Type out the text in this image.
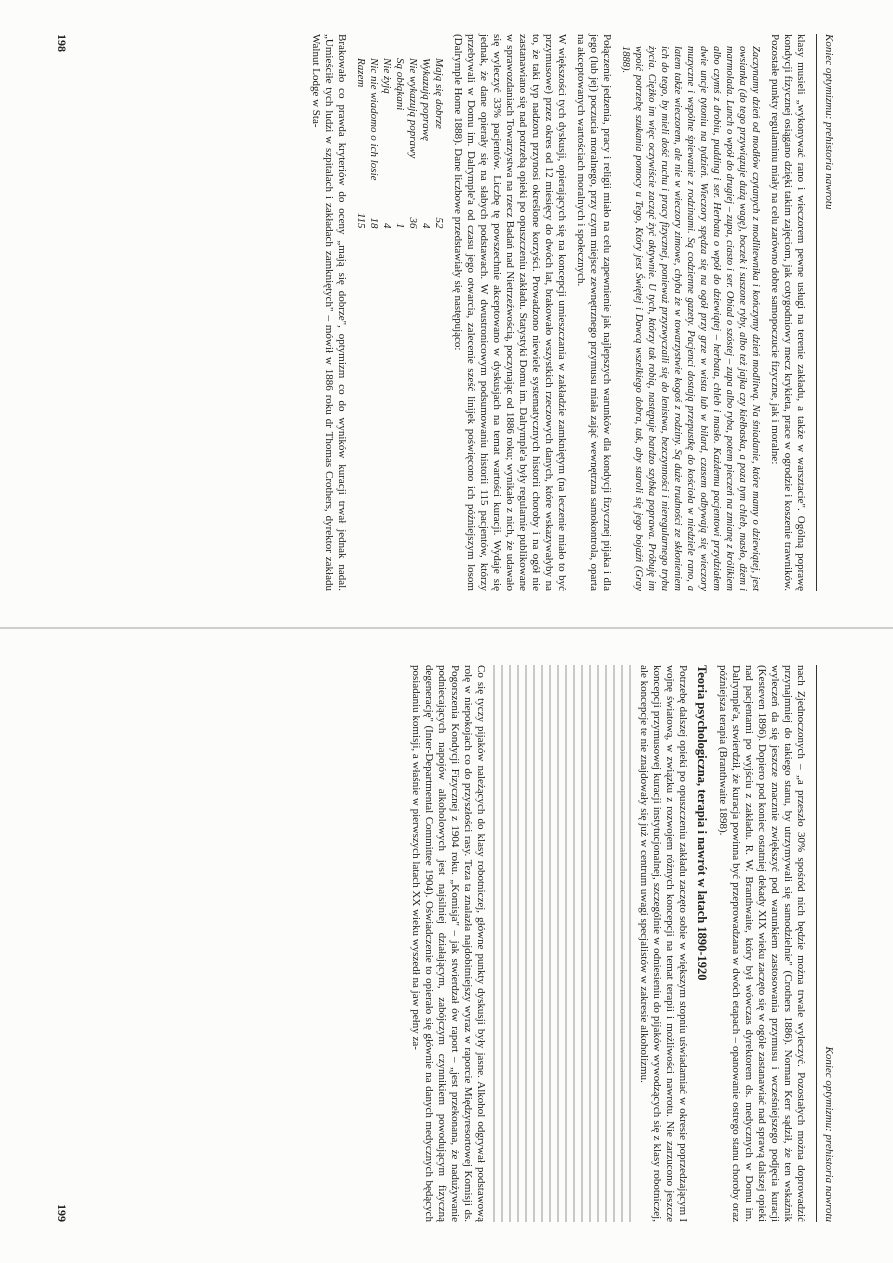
Koniec optymizmu: prehistoria nawrotu

klasy musieli „wykonywać rano i wieczorem pewne usługi na terenie zakładu, a także w warsztacie". Ogólną poprawę kondycji fizycznej osiągano dzięki takim zajęciom, jak cotygodniowy mecz krykieta, prace w ogrodzie i koszenie trawników. Pozostałe punkty regulaminu miały na celu zarówno dobre samopoczucie fizyczne, jak i moralne:

Zaczynamy dzień od modłów czytanych z modlitewnika i kończymy dzień modlitwą. Na śniadanie, które mamy o dziewiątej, jest owsianka (do tego przywiązuje dużą wagę), boczek i suszone ryby, albo też jajka czy kiełbaska, a poza tym chleb, masło, dżem i marmolada. Lunch o wpół do drugiej – zupa, ciasto i ser. Obiad o szóstej – zupa albo ryba, potem pieczeń na zmianę z królikiem albo czymś z drobiu, pudding i ser. Herbata o wpół do dziewiątej – herbata, chleb i masło. Każdemu pacjentowi przydziałem dwie uncje tytoniu na tydzień. Wieczory spędza się na ogół przy grze w wista lub w bilard, czasem odbywają się wieczory muzyczne i wspólne śpiewanie z rodzinami. Są codzienne gazety. Pacjenci dostają przepustkę do kościoła w niedziele rano, a latem także wieczorem, ale nie w wieczory zimowe, chyba że w towarzystwie kogoś z rodziny. Są duże trudności ze skłonieniem ich do tego, by mieli dość ruchu i pracy fizycznej, ponieważ przyzwyczaili się do lenistwa, bezczynności i nieregularnego trybu życia. Ciężko im więc oczywiście zacząć żyć aktywnie. U tych, którzy tak robią, następuje bardzo szybka poprawa. Próbuję im wpoić potrzebę szukania pomocy u Tego, Który jest Świętej i Dawcą wszelkiego dobra, tak, aby staroli się jego bojaźń (Gray 1888).

Połączenie jedzenia, pracy i religii miało na celu zapewnienie jak najlepszych warunków dla kondycji fizycznej pijaka i dla jego (lub jej) poczucia moralnego, przy czym miejsce zewnętrznego przymusu miała zająć wewnętrzna samokontrola, oparta na akceptowanych wartościach moralnych i społecznych.

W większości tych dyskusji, opierających się na koncepcji umieszczania w zakładzie zamkniętym (na leczenie miało to być przymusowe) przez okres od 12 miesięcy do dwóch lat, brakowało wszystkich rzeczowych danych, które wskazywałyby na to, że taki typ nadzoru przynosi określone korzyści. Prowadzono niewiele systematycznych historii choroby i na ogół nie zastanawiano się nad potrzebą opieki po opuszczeniu zakładu. Statystyki Domu im. Dalrymple'a były regularnie publikowane w sprawozdaniach Towarzystwa na rzecz Badań nad Nietrzeźwością, poczynając od 1886 roku; wynikało z nich, że udawało się wyleczyć 33% pacjentów. Liczbę tę powszechnie akceptowano w dyskusjach na temat wartości kuracji. Wydaje się jednak, że dane opierały się na słabych podstawach. W dwustronicowym podsumowaniu historii 115 pacjentów, którzy przebywali w Domu im. Dalrymple'a od czasu jego otwarcia, zalecenie sześć linijek poświęcono ich późniejszym losom (Dalrymple Home 1888). Dane liczbowe przedstawiały się następująco:

Mają się dobrze	52
Wykazują poprawę	4
Nie wykazują poprawy	36
Są obłąkani	1
Nie żyją	4
Nic nie wiadomo o ich losie	18
Razem	115

Brakowało co prawda kryteriów do oceny „mają się dobrze", optymizm co do wyników kuracji trwał jednak nadal. „Umieściłe tych ludzi w szpitalach i zakładach zamkniętych" – mówił w 1886 roku dr Thomas Crothers, dyrektor zakładu Walnut Lodge w Sta-

198
Koniec optymizmu: prehistoria nawrotu

nach Zjednoczonych – „a przeszło 30% spośród nich będzie można trwale wyleczyć. Pozostałych można doprowadzić przynajmniej do takiego stanu, by utrzymywali się samodzielnie" (Crothers 1886). Norman Kerr sądził, że ten wskaźnik wyleczeń da się jeszcze znacznie zwiększyć pod warunkiem zastosowania przymusu i wcześniejszego podjęcia kuracji (Kesteven 1896). Dopiero pod koniec ostatniej dekady XIX wieku zaczęto się w ogóle zastanawiać nad sprawą dalszej opieki nad pacjentami po wyjściu z zakładu. R. W. Branthwaite, który był wówczas dyrektorem ds. medycznych w Domu im. Dalrymple'a, stwierdził, że kuracja powinna być przeprowadzana w dwóch etapach – opanowanie ostrego stanu choroby oraz późniejsza terapia (Branthwaite 1898).

Teoria psychologiczna, terapia i nawrót w latach 1890-1920

Potrzebę dalszej opieki po opuszczeniu zakładu zaczęto sobie w większym stopniu uświadamiać w okresie poprzedzającym I wojnę światową, w związku z rozwojem różnych koncepcji na temat terapii i możliwości nawrotu. Nie zarzucono jeszcze koncepcji przymusowej kuracji instytucjonalnej, szczególnie w odniesieniu do pijaków wywodzących się z klasy robotniczej, ale koncepcje te nie znajdowały się już w centrum uwagi specjalistów w zakresie alkoholizmu.

Co się tyczy pijaków należących do klasy robotniczej, główne punkty dyskusji były jasne. Alkohol odgrywał podstawową rolę w niepokojach co do przyszłości rasy. Teza ta znalazła najdobitniejszy wyraz w raporcie Międzyresortowej Komisji ds. Pogorszenia Kondycji Fizycznej z 1904 roku. „Komisja" – jak stwierdzał ów raport – „jest przekonana, że nadużywanie podniecających napojów alkoholowych jest najsilniej działającym, zabójczym czynnikiem powodującym fizyczną degenerację" (Inter-Departmental Committee 1904). Oświadczenie to opierało się głównie na danych medycznych będących posiadaniu komisji, a właśnie w pierwszych latach XX wieku wyszedł na jaw pełny za-

199
